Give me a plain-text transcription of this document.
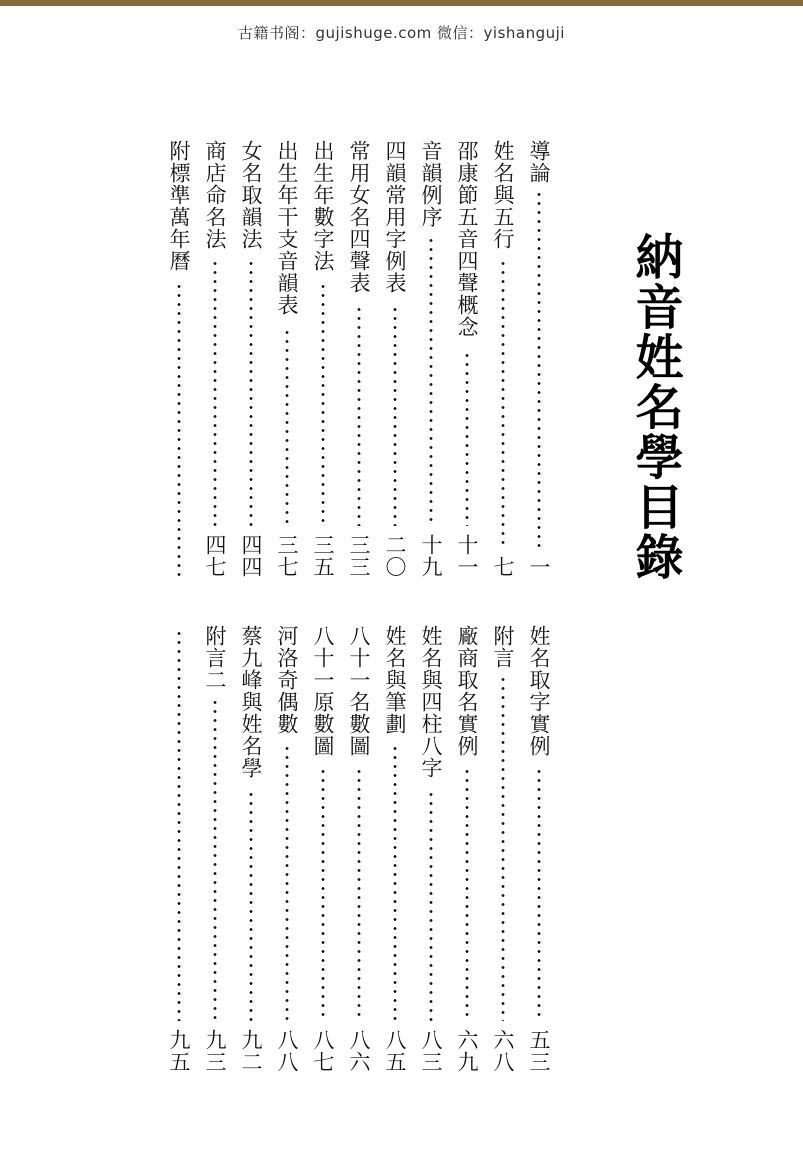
古籍书阁：gujishuge.com 微信：yishanguji
納音姓名學目錄
導論
一
姓名與五行
七
邵康節五音四聲概念
十一
音韻例序
十九
四韻常用字例表
二〇
常用女名四聲表
三三
出生年數字法
三五
出生年干支音韻表
三七
女名取韻法
四四
商店命名法
四七
附標準萬年曆
姓名取字實例
五三
附言
六八
廠商取名實例
六九
姓名與四柱八字
八三
姓名與筆劃
八五
八十一名數圖
八六
八十一原數圖
八七
河洛奇偶數
八八
蔡九峰與姓名學
九二
附言二
九三
九五
